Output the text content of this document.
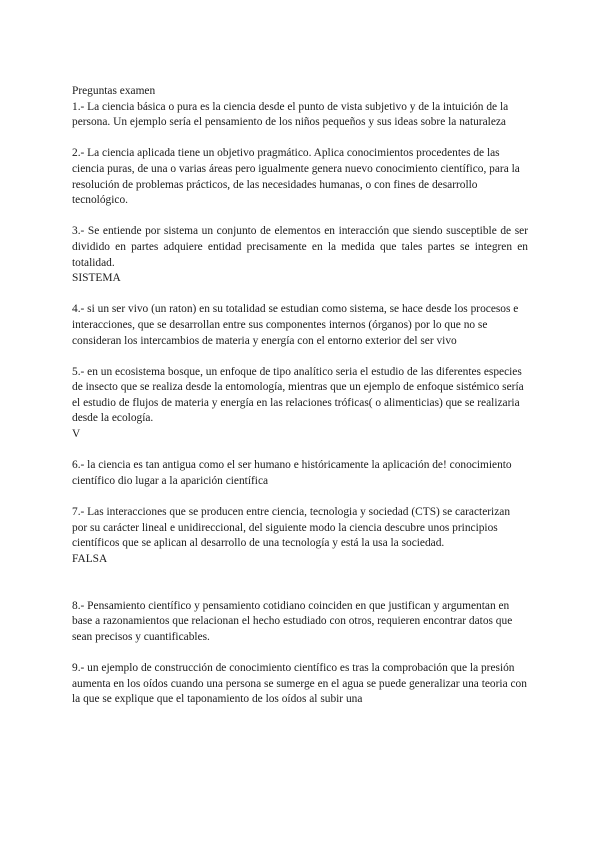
Preguntas examen
1.- La ciencia básica o pura es la ciencia desde el punto de vista subjetivo y de la intuición de la persona. Un ejemplo sería el pensamiento de los niños pequeños y sus ideas sobre la naturaleza
2.- La ciencia aplicada tiene un objetivo pragmático. Aplica conocimientos procedentes de las ciencia puras, de una o varias áreas pero igualmente genera nuevo conocimiento científico, para la resolución de problemas prácticos, de las necesidades humanas, o con fines de desarrollo tecnológico.
3.- Se entiende por sistema un conjunto de elementos en interacción que siendo susceptible de ser dividido en partes adquiere entidad precisamente en la medida que tales partes se integren en totalidad.
SISTEMA
4.- si un ser vivo (un raton) en su totalidad se estudian como sistema, se hace desde los procesos e interacciones, que se desarrollan entre sus componentes internos (órganos) por lo que no se consideran los intercambios de materia y energía con el entorno exterior del ser vivo
5.- en un ecosistema bosque, un enfoque de tipo analítico seria el estudio de las diferentes especies de insecto que se realiza desde la entomología, mientras que un ejemplo de enfoque sistémico sería el estudio de flujos de materia y energía en las relaciones tróficas( o alimenticias) que se realizaria desde la ecología.
V
6.- la ciencia es tan antigua como el ser humano e históricamente la aplicación de! conocimiento científico dio lugar a la aparición científica
7.- Las interacciones que se producen entre ciencia, tecnologia y sociedad (CTS) se caracterizan por su carácter lineal e unidireccional, del siguiente modo la ciencia descubre unos principios científicos que se aplican al desarrollo de una tecnología y está la usa la sociedad.
FALSA
8.- Pensamiento científico y pensamiento cotidiano coinciden en que justifican y argumentan en base a razonamientos que relacionan el hecho estudiado con otros, requieren encontrar datos que sean precisos y cuantificables.
9.- un ejemplo de construcción de conocimiento científico es tras la comprobación que la presión aumenta en los oídos cuando una persona se sumerge en el agua se puede generalizar una teoria con la que se explique que el taponamiento de los oídos al subir una
